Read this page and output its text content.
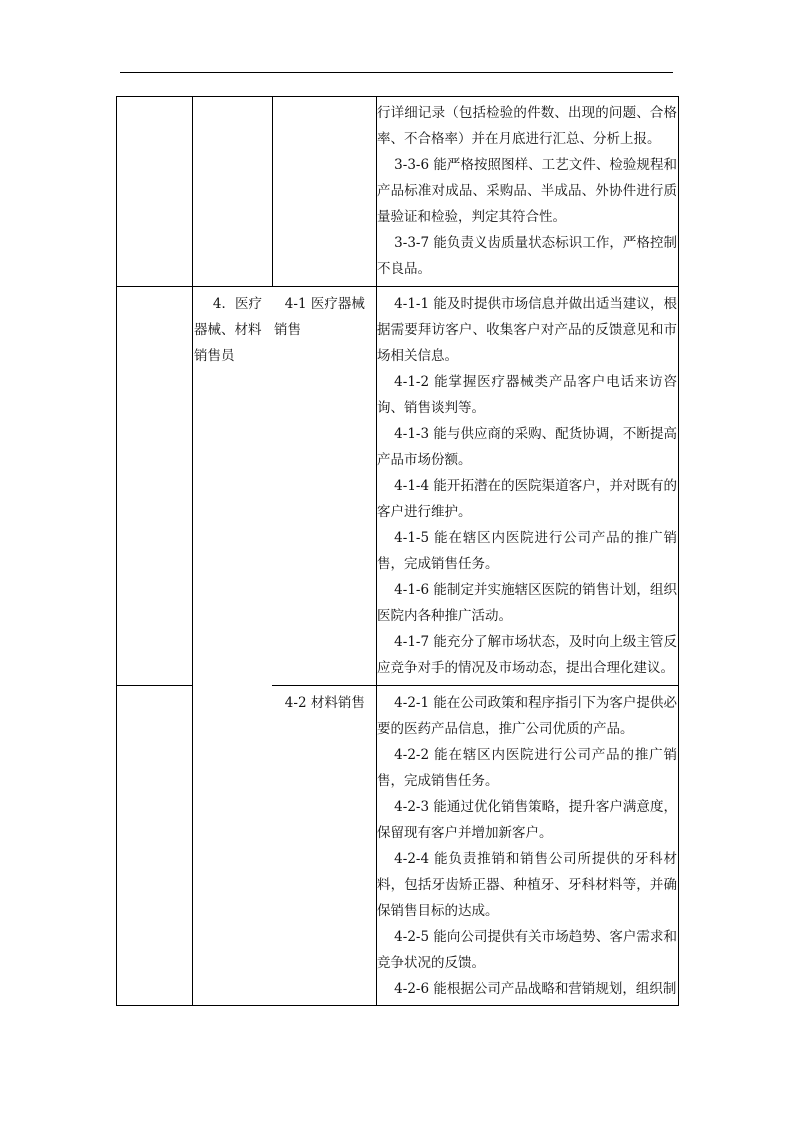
行详细记录（包括检验的件数、出现的问题、合格率、不合格率）并在月底进行汇总、分析上报。

3-3-6 能严格按照图样、工艺文件、检验规程和产品标准对成品、采购品、半成品、外协件进行质量验证和检验，判定其符合性。

3-3-7 能负责义齿质量状态标识工作，严格控制不良品。

4．医疗器械、材料销售员

4-1 医疗器械销售

4-1-1 能及时提供市场信息并做出适当建议，根据需要拜访客户、收集客户对产品的反馈意见和市场相关信息。

4-1-2 能掌握医疗器械类产品客户电话来访咨询、销售谈判等。

4-1-3 能与供应商的采购、配货协调，不断提高产品市场份额。

4-1-4 能开拓潜在的医院渠道客户，并对既有的客户进行维护。

4-1-5 能在辖区内医院进行公司产品的推广销售，完成销售任务。

4-1-6 能制定并实施辖区医院的销售计划，组织医院内各种推广活动。

4-1-7 能充分了解市场状态，及时向上级主管反应竞争对手的情况及市场动态，提出合理化建议。

4-2 材料销售	4-2-1 能在公司政策和程序指引下为客户提供必要的医药产品信息，推广公司优质的产品。

4-2-2 能在辖区内医院进行公司产品的推广销售，完成销售任务。

4-2-3 能通过优化销售策略，提升客户满意度，保留现有客户并增加新客户。

4-2-4 能负责推销和销售公司所提供的牙科材料，包括牙齿矫正器、种植牙、牙科材料等，并确保销售目标的达成。

4-2-5 能向公司提供有关市场趋势、客户需求和竞争状况的反馈。

4-2-6 能根据公司产品战略和营销规划，组织制
